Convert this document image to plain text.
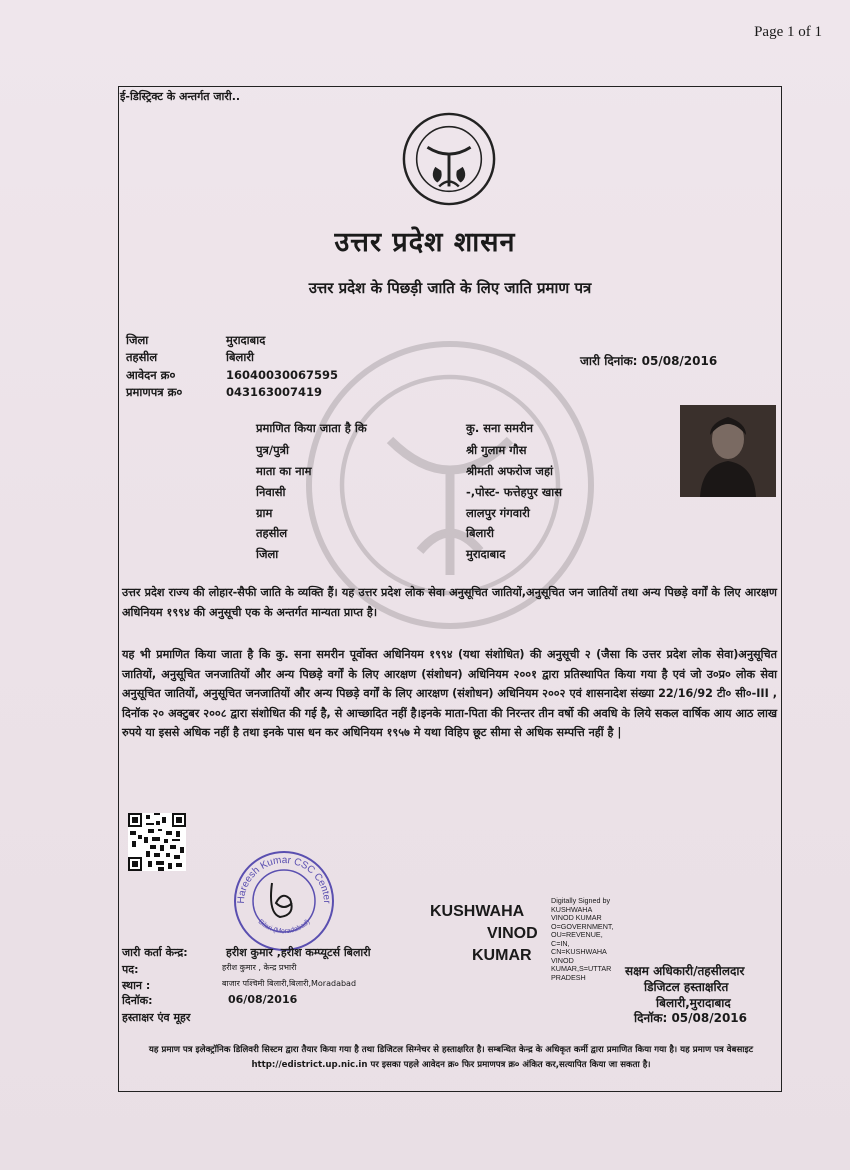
Page 1 of 1
ई-डिस्ट्रिक्ट के अन्तर्गत जारी..
उत्तर प्रदेश शासन
उत्तर प्रदेश के पिछड़ी जाति के लिए जाति प्रमाण पत्र
जिला	मुरादाबाद
तहसील	बिलारी
आवेदन क्र०	16040030067595
प्रमाणपत्र क्र०	043163007419
जारी दिनांक: 05/08/2016
प्रमाणित किया जाता है कि	कु. सना समरीन
पुत्र/पुत्री	श्री गुलाम गौस
माता का नाम	श्रीमती अफरोज जहां
निवासी	-,पोस्ट- फत्तेहपुर खास
ग्राम	लालपुर गंगवारी
तहसील	बिलारी
जिला	मुरादाबाद
उत्तर प्रदेश राज्य की लोहार-सैफी जाति के व्यक्ति हैं। यह उत्तर प्रदेश लोक सेवा अनुसूचित जातियों,अनुसूचित जन जातियों तथा अन्य पिछड़े वर्गों के लिए आरक्षण अधिनियम १९९४ की अनुसूची एक के अन्तर्गत मान्यता प्राप्त है।
यह भी प्रमाणित किया जाता है कि कु. सना समरीन पूर्वोक्त अधिनियम १९९४ (यथा संशोधित) की अनुसूची २ (जैसा कि उत्तर प्रदेश लोक सेवा)अनुसूचित जातियों, अनुसूचित जनजातियों और अन्य पिछड़े वर्गों के लिए आरक्षण (संशोधन) अधिनियम २००१ द्वारा प्रतिस्थापित किया गया है एवं जो उ०प्र० लोक सेवा अनुसूचित जातियों, अनुसूचित जनजातियों और अन्य पिछड़े वर्गों के लिए आरक्षण (संशोधन) अधिनियम २००२ एवं शासनादेश संख्या 22/16/92 टी० सी०-III , दिनॉक २० अक्टुबर २००८ द्वारा संशोधित की गई है, से आच्छादित नहीं है।इनके माता-पिता की निरन्तर तीन वर्षो की अवधि के लिये सकल वार्षिक आय आठ लाख रुपये या इससे अधिक नहीं है तथा इनके पास धन कर अधिनियम १९५७ मे यथा विहिप छूट सीमा से अधिक सम्पत्ति नहीं है |
Hareesh Kumar CSC Center
Bilari (Moradabad)
KUSHWAHA
VINOD
KUMAR
Digitally Signed by
KUSHWAHA
VINOD KUMAR
O=GOVERNMENT,
OU=REVENUE,
C=IN,
CN=KUSHWAHA
VINOD
KUMAR,S=UTTAR
PRADESH
जारी कर्ता केन्द्र:	हरीश कुमार ,हरीश कम्प्यूटर्स बिलारी
पद:	हरीश कुमार , केन्द्र प्रभारी
स्थान :	बाजार पश्चिमी बिलारी,बिलारी,Moradabad
दिनॉक:	06/08/2016
हस्ताक्षर एंव मूहर
सक्षम अधिकारी/तहसीलदार
डिजिटल हस्ताक्षरित
बिलारी,मुरादाबाद
दिनॉक: 05/08/2016
यह प्रमाण पत्र इलेक्ट्रॉनिक डिलिवरी सिस्टम द्वारा तैयार किया गया है तथा डिजिटल सिग्नेचर से हस्ताक्षरित है। सम्बन्धित केन्द्र के अधिकृत कर्मी द्वारा प्रमाणित किया गया है। यह प्रमाण पत्र वेबसाइट http://edistrict.up.nic.in पर इसका पहले आवेदन क्र० फिर प्रमाणपत्र क्र० अंकित कर,सत्यापित किया जा सकता है।
